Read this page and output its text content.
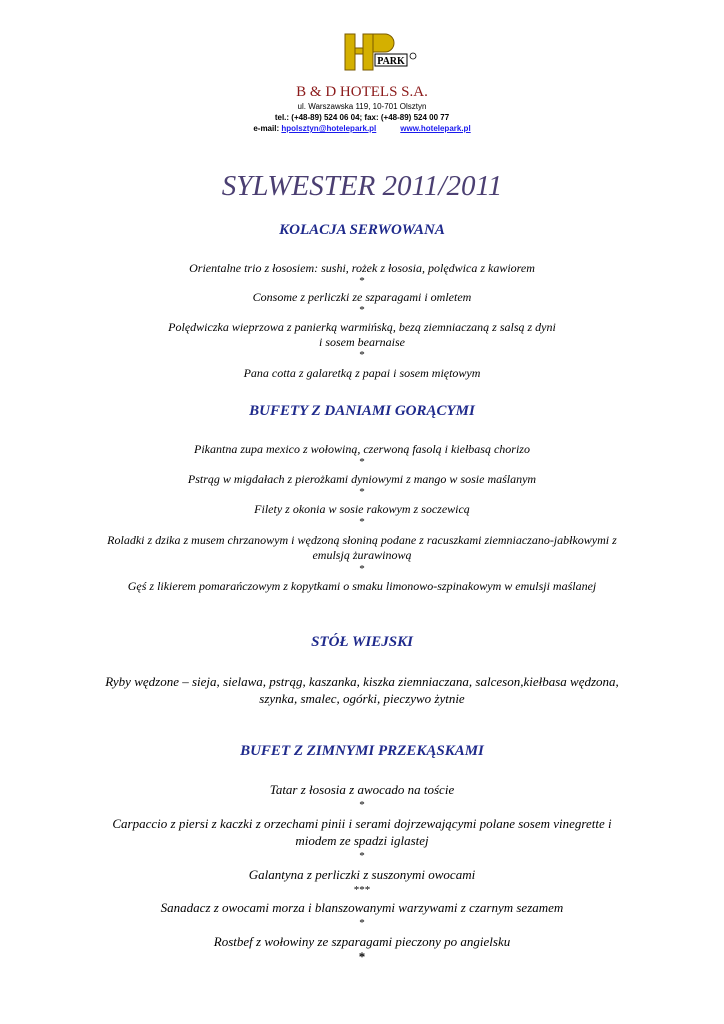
PARK
B & D HOTELS S.A.
ul. Warszawska 119, 10-701 Olsztyn
tel.: (+48-89) 524 06 04; fax: (+48-89) 524 00 77
e-mail: hpolsztyn@hotelepark.pl	www.hotelepark.pl
SYLWESTER 2011/2011
KOLACJA SERWOWANA
Orientalne trio z łososiem: sushi, rożek z łososia, polędwica z kawiorem
*
Consome z perliczki ze szparagami i omletem
*
Polędwiczka wieprzowa z panierką warmińską, bezą ziemniaczaną z salsą z dyni
i sosem bearnaise
*
Pana cotta z galaretką z papai i sosem miętowym
BUFETY Z DANIAMI GORĄCYMI
Pikantna zupa mexico z wołowiną, czerwoną fasolą i kiełbasą chorizo
*
Pstrąg w migdałach z pierożkami dyniowymi z mango w sosie maślanym
*
Filety z okonia w sosie rakowym z soczewicą
*
Roladki z dzika z musem chrzanowym i wędzoną słoniną podane z racuszkami ziemniaczano-jabłkowymi z
emulsją żurawinową
*
Gęś z likierem pomarańczowym z kopytkami o smaku limonowo-szpinakowym w emulsji maślanej
STÓŁ WIEJSKI
Ryby wędzone – sieja, sielawa, pstrąg, kaszanka, kiszka ziemniaczana, salceson,kiełbasa wędzona,
szynka, smalec, ogórki, pieczywo żytnie
BUFET Z ZIMNYMI PRZEKĄSKAMI
Tatar z łososia z awocado na toście
*
Carpaccio z piersi z kaczki z orzechami pinii i serami dojrzewającymi polane sosem vinegrette i
miodem ze spadzi iglastej
*
Galantyna z perliczki z suszonymi owocami
***
Sanadacz z owocami morza i blanszowanymi warzywami z czarnym sezamem
*
Rostbef z wołowiny ze szparagami pieczony po angielsku
*
